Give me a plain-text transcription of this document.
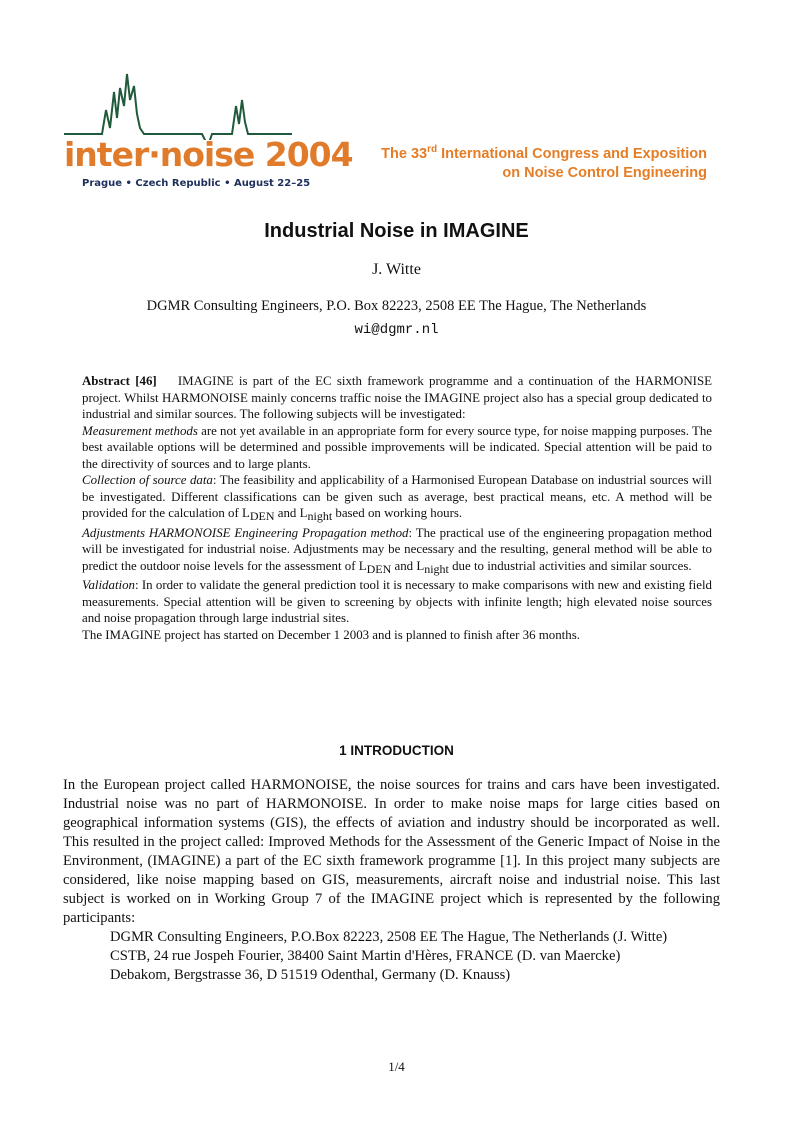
inter·noise 2004
Prague • Czech Republic • August 22–25
The 33rd International Congress and Exposition
on Noise Control Engineering
Industrial Noise in IMAGINE
J. Witte
DGMR Consulting Engineers, P.O. Box 82223, 2508 EE The Hague, The Netherlands
wi@dgmr.nl

Abstract [46] IMAGINE is part of the EC sixth framework programme and a continuation of the HARMONISE project. Whilst HARMONOISE mainly concerns traffic noise the IMAGINE project also has a special group dedicated to industrial and similar sources. The following subjects will be investigated:

Measurement methods are not yet available in an appropriate form for every source type, for noise mapping purposes. The best available options will be determined and possible improvements will be indicated. Special attention will be paid to the directivity of sources and to large plants.

Collection of source data: The feasibility and applicability of a Harmonised European Database on industrial sources will be investigated. Different classifications can be given such as average, best practical means, etc. A method will be provided for the calculation of LDEN and Lnight based on working hours.

Adjustments HARMONOISE Engineering Propagation method: The practical use of the engineering propagation method will be investigated for industrial noise. Adjustments may be necessary and the resulting, general method will be able to predict the outdoor noise levels for the assessment of LDEN and Lnight due to industrial activities and similar sources.

Validation: In order to validate the general prediction tool it is necessary to make comparisons with new and existing field measurements. Special attention will be given to screening by objects with infinite length; high elevated noise sources and noise propagation through large industrial sites.

The IMAGINE project has started on December 1 2003 and is planned to finish after 36 months.

1 INTRODUCTION

In the European project called HARMONOISE, the noise sources for trains and cars have been investigated. Industrial noise was no part of HARMONOISE. In order to make noise maps for large cities based on geographical information systems (GIS), the effects of aviation and industry should be incorporated as well. This resulted in the project called: Improved Methods for the Assessment of the Generic Impact of Noise in the Environment, (IMAGINE) a part of the EC sixth framework programme [1]. In this project many subjects are considered, like noise mapping based on GIS, measurements, aircraft noise and industrial noise. This last subject is worked on in Working Group 7 of the IMAGINE project which is represented by the following participants:

DGMR Consulting Engineers, P.O.Box 82223, 2508 EE The Hague, The Netherlands (J. Witte)
CSTB, 24 rue Jospeh Fourier, 38400 Saint Martin d'Hères, FRANCE (D. van Maercke)
Debakom, Bergstrasse 36, D 51519 Odenthal, Germany (D. Knauss)
1/4
